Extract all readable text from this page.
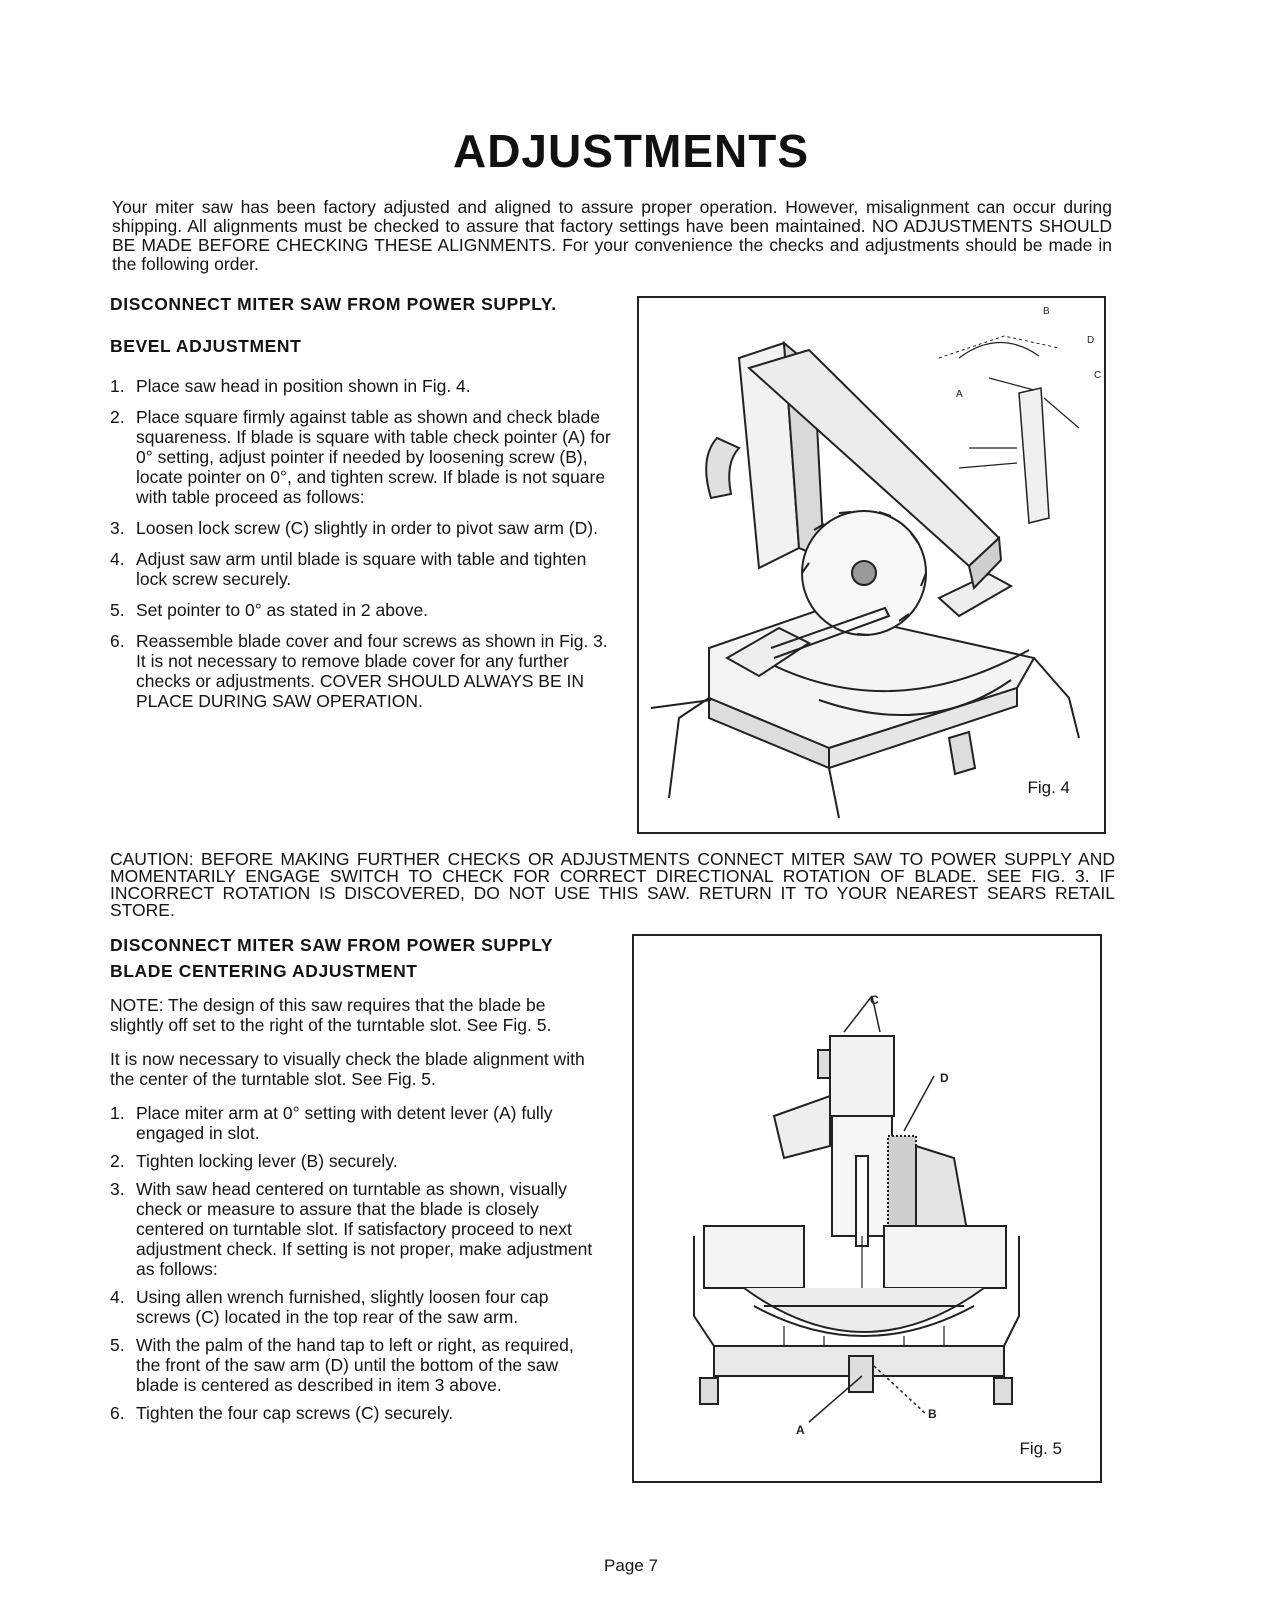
ADJUSTMENTS

Your miter saw has been factory adjusted and aligned to assure proper operation. However, misalignment can occur during shipping. All alignments must be checked to assure that factory settings have been maintained. NO ADJUSTMENTS SHOULD BE MADE BEFORE CHECKING THESE ALIGNMENTS. For your convenience the checks and adjustments should be made in the following order.

DISCONNECT MITER SAW FROM POWER SUPPLY.

BEVEL ADJUSTMENT

1. Place saw head in position shown in Fig. 4.
2. Place square firmly against table as shown and check blade squareness. If blade is square with table check pointer (A) for 0° setting, adjust pointer if needed by loosening screw (B), locate pointer on 0°, and tighten screw. If blade is not square with table proceed as follows:
3. Loosen lock screw (C) slightly in order to pivot saw arm (D).
4. Adjust saw arm until blade is square with table and tighten lock screw securely.
5. Set pointer to 0° as stated in 2 above.
6. Reassemble blade cover and four screws as shown in Fig. 3. It is not necessary to remove blade cover for any further checks or adjustments. COVER SHOULD ALWAYS BE IN PLACE DURING SAW OPERATION.
A
B
C
D
Fig. 4
CAUTION: BEFORE MAKING FURTHER CHECKS OR ADJUSTMENTS CONNECT MITER SAW TO POWER SUPPLY AND MOMENTARILY ENGAGE SWITCH TO CHECK FOR CORRECT DIRECTIONAL ROTATION OF BLADE. SEE FIG. 3. IF INCORRECT ROTATION IS DISCOVERED, DO NOT USE THIS SAW. RETURN IT TO YOUR NEAREST SEARS RETAIL STORE.

DISCONNECT MITER SAW FROM POWER SUPPLY

BLADE CENTERING ADJUSTMENT

NOTE: The design of this saw requires that the blade be slightly off set to the right of the turntable slot. See Fig. 5.

It is now necessary to visually check the blade alignment with the center of the turntable slot. See Fig. 5.

1. Place miter arm at 0° setting with detent lever (A) fully engaged in slot.
2. Tighten locking lever (B) securely.
3. With saw head centered on turntable as shown, visually check or measure to assure that the blade is closely centered on turntable slot. If satisfactory proceed to next adjustment check. If setting is not proper, make adjustment as follows:
4. Using allen wrench furnished, slightly loosen four cap screws (C) located in the top rear of the saw arm.
5. With the palm of the hand tap to left or right, as required, the front of the saw arm (D) until the bottom of the saw blade is centered as described in item 3 above.
6. Tighten the four cap screws (C) securely.
C
D
A
B
Fig. 5
Page 7
